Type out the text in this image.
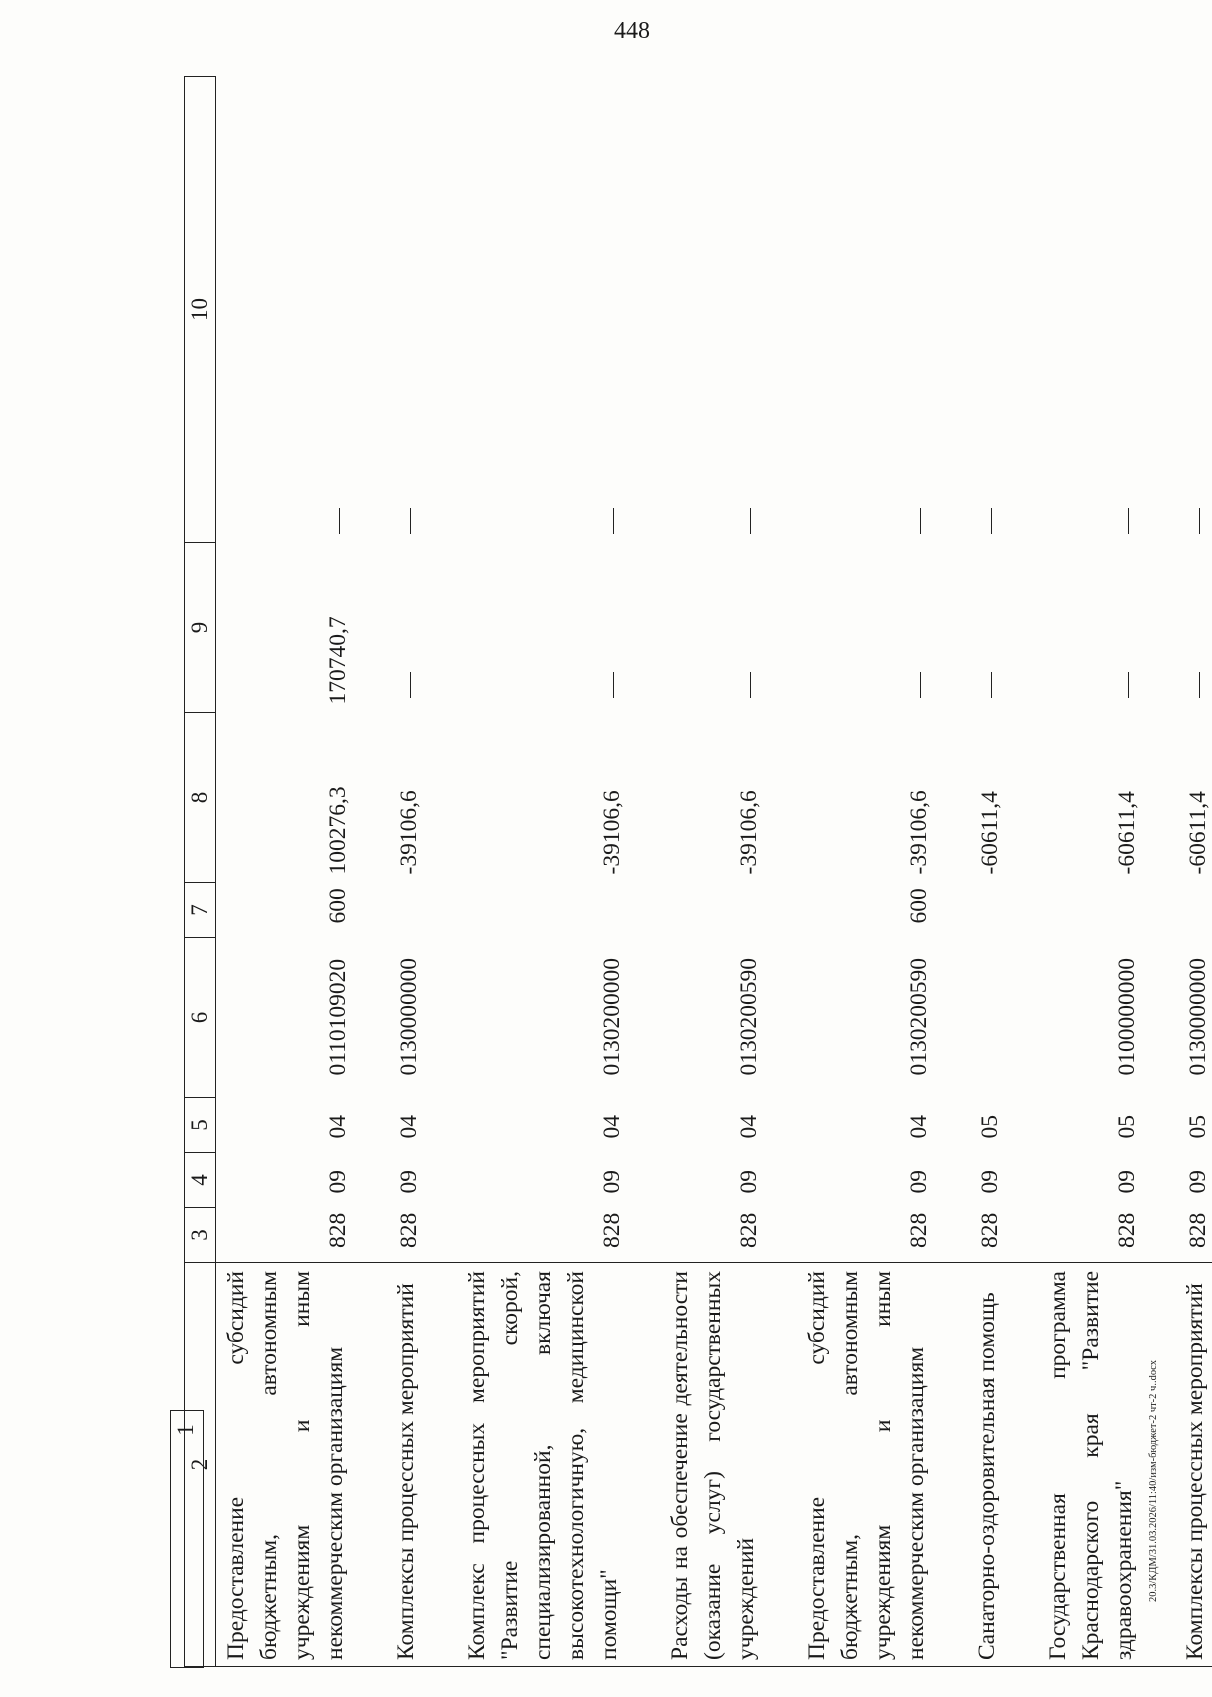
448
2	3	4	5	6	7	8	9	10
Предоставление субсидий бюджетным, автономным учреждениям и иным некоммерческим организациям	828	09	04	0110109020	600	100276,3	170740,7	

Комплексы процессных мероприятий	828	09	04	0130000000		-39106,6		

Комплекс процессных мероприятий "Развитие скорой, специализированной, включая высокотехнологичную, медицинской помощи"	828	09	04	0130200000		-39106,6		

Расходы на обеспечение деятельности (оказание услуг) государственных учреждений	828	09	04	0130200590		-39106,6		

Предоставление субсидий бюджетным, автономным учреждениям и иным некоммерческим организациям	828	09	04	0130200590	600	-39106,6		

Санаторно-оздоровительная помощь	828	09	05			-60611,4		

Государственная программа Краснодарского края "Развитие здравоохранения"	828	09	05	0100000000		-60611,4		

Комплексы процессных мероприятий	828	09	05	0130000000		-60611,4		
1	20.3/КДМ/31.03.2026/11:40/изм-бюджет-2 чт-2 ч..docx
